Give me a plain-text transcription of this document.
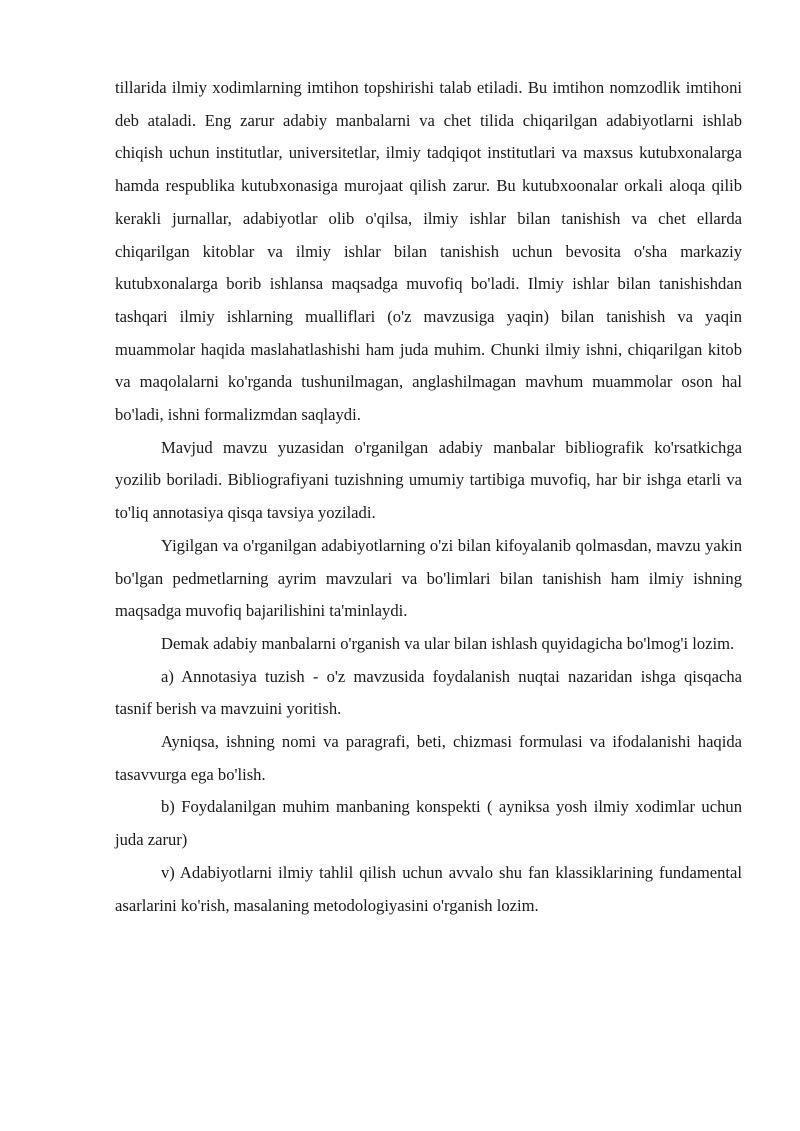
tillarida ilmiy xodimlarning imtihon topshirishi talab etiladi. Bu imtihon nomzodlik imtihoni deb ataladi. Eng zarur adabiy manbalarni va chet tilida chiqarilgan adabiyotlarni ishlab chiqish uchun institutlar, universitetlar, ilmiy tadqiqot institutlari va maxsus kutubxonalarga hamda respublika kutubxonasiga murojaat qilish zarur. Bu kutubxoonalar orkali aloqa qilib kerakli jurnallar, adabiyotlar olib o'qilsa, ilmiy ishlar bilan tanishish va chet ellarda chiqarilgan kitoblar va ilmiy ishlar bilan tanishish uchun bevosita o'sha markaziy kutubxonalarga borib ishlansa maqsadga muvofiq bo'ladi. Ilmiy ishlar bilan tanishishdan tashqari ilmiy ishlarning mualliflari (o'z mavzusiga yaqin) bilan tanishish va yaqin muammolar haqida maslahatlashishi ham juda muhim. Chunki ilmiy ishni, chiqarilgan kitob va maqolalarni ko'rganda tushunilmagan, anglashilmagan mavhum muammolar oson hal bo'ladi, ishni formalizmdan saqlaydi.

Mavjud mavzu yuzasidan o'rganilgan adabiy manbalar bibliografik ko'rsatkichga yozilib boriladi. Bibliografiyani tuzishning umumiy tartibiga muvofiq, har bir ishga etarli va to'liq annotasiya qisqa tavsiya yoziladi.

Yigilgan va o'rganilgan adabiyotlarning o'zi bilan kifoyalanib qolmasdan, mavzu yakin bo'lgan pedmetlarning ayrim mavzulari va bo'limlari bilan tanishish ham ilmiy ishning maqsadga muvofiq bajarilishini ta'minlaydi.

Demak adabiy manbalarni o'rganish va ular bilan ishlash quyidagicha bo'lmog'i lozim.

a) Annotasiya tuzish - o'z mavzusida foydalanish nuqtai nazaridan ishga qisqacha tasnif berish va mavzuini yoritish.

Ayniqsa, ishning nomi va paragrafi, beti, chizmasi formulasi va ifodalanishi haqida tasavvurga ega bo'lish.

b) Foydalanilgan muhim manbaning konspekti ( ayniksa yosh ilmiy xodimlar uchun juda zarur)

v) Adabiyotlarni ilmiy tahlil qilish uchun avvalo shu fan klassiklarining fundamental asarlarini ko'rish, masalaning metodologiyasini o'rganish lozim.
